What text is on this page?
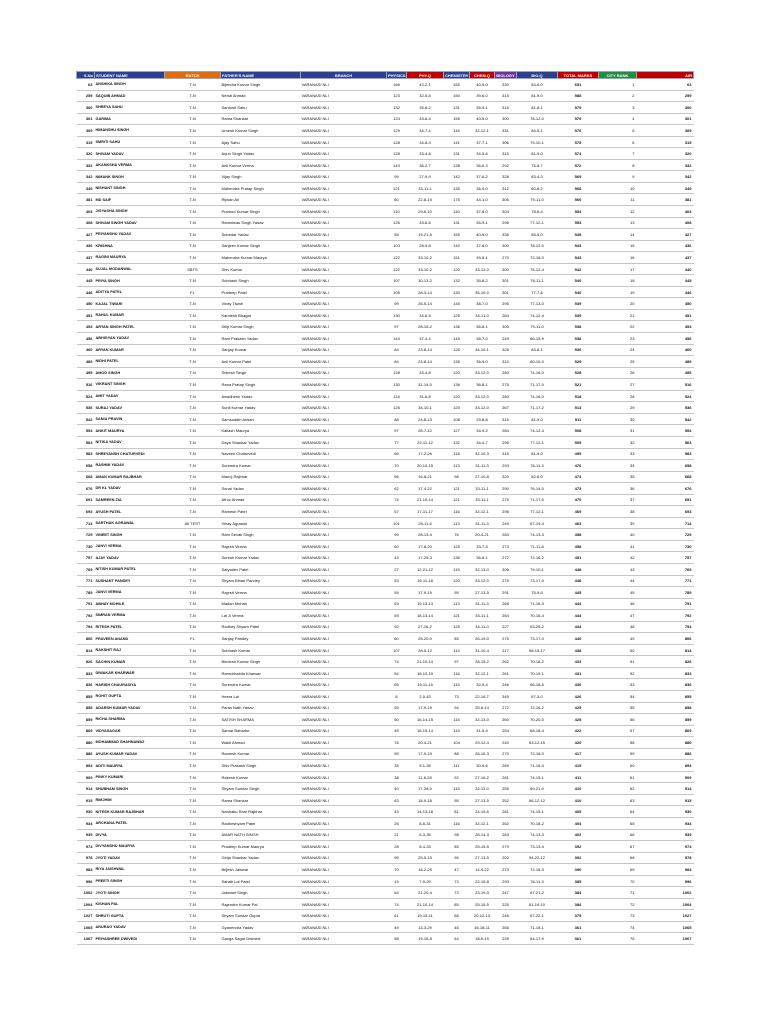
S.No	STUDENT NAME	BATCH	FATHER'S NAME	BRANCH	PHYSICS	PHY.Q	CHEMISTRY	CHEM.Q	BIOLOGY	BIO.Q	TOTAL MARKS	CITY RANK	AIR
63	ANSHIKA SINGH	T-N	Bijendra Kumar Singh	VARANASI NLI	166	42-2-1	155	40-5-0	330	84-6-0	651	1	63
259	SAQUIB AHMAD	T-N	Nehal Ahmad	VARANASI NLI	123	32-5-8	150	39-6-0	315	81-9-0	588	2	259
300	SHREYA SAHU	T-N	Santosh Sahu	VARANASI NLI	132	35-8-2	131	35-9-1	316	81-8-1	579	3	300
301	GARIMA	T-N	Rama Shankar	VARANASI NLI	124	33-8-4	155	40-5-0	300	78-12-0	579	4	301
309	HIMANSHU SINGH	T-N	Umesh Kumar Singh	VARANASI NLI	129	34-7-4	116	32-12-1	331	84-5-1	576	5	309
315	SMRITI SAHU	T-N	Ajay Sahu	VARANASI NLI	128	34-8-3	141	37-7-1	306	79-10-1	575	6	315
320	SHIVAM YADAV	T-N	Arjun Singh Yadav	VARANASI NLI	128	33-4-8	131	34-5-6	315	81-9-0	574	7	320
332	AKANKSHA VERMA	T-N	Anil Kumar Verma	VARANASI NLI	143	36-2-7	138	36-6-3	292	75-8-7	572	8	332
342	NIMANK SINGH	T-N	Vijay Singh	VARANASI NLI	99	27-9-9	142	37-6-2	328	83-4-3	569	9	342
349	NISHANT SINGH	T-N	Mahendra Pratap Singh	VARANASI NLI	121	33-11-1	135	36-9-0	312	80-8-2	568	10	349
381	MD SAIF	T-N	Rijwan Ali	VARANASI NLI	80	22-8-15	175	44-1-0	306	79-11-0	560	11	381
403	JIGYASHA SINGH	T-N	Pramod Kumar Singh	VARANASI NLI	110	29-6-10	140	37-8-0	304	78-8-4	554	12	403
408	SHIVAM SINGH YADAV	T-N	Ramniwas Singh Yadav	VARANASI NLI	126	33-6-6	131	35-9-1	296	77-12-1	553	13	408
427	PRIYANSHU YADAV	T-N	Subedar Yadav	VARANASI NLI	55	19-21-5	155	40-5-0	335	85-5-0	545	14	427
436	KRISHNA	T-N	Sanjeev Kumar Singh	VARANASI NLI	103	28-9-8	140	37-8-0	300	78-12-0	543	15	436
437	RAGINI MAURYA	T-N	Mahendra Kumar Maurya	VARANASI NLI	122	33-10-2	151	39-5-1	270	72-18-0	543	16	437
440	SUJAL MODANWAL	SBTS	Shiv Kumar	VARANASI NLI	122	33-10-2	120	33-12-0	300	76-12-4	542	17	440
445	PRIYA SINGH	T-N	Subhash Singh	VARANASI NLI	107	30-13-2	132	35-8-2	301	78-11-1	540	18	445
446	ADITYA PATEL	FL	Pradeep Patel	VARANASI NLI	109	28-3-14	130	35-10-0	301	77-7-6	540	19	446
450	KAJAL TIWARI	T-N	Vinay Tiwari	VARANASI NLI	99	26-5-14	145	38-7-0	295	77-13-0	539	20	450
451	RAHUL KUMAR	T-N	Kamlesh Bhagat	VARANASI NLI	130	34-6-5	125	34-11-0	284	74-12-4	539	21	451
453	ARYAN SINGH PATEL	T-N	Dilip Kumar Singh	VARANASI NLI	97	28-15-2	136	36-8-1	305	79-11-0	538	22	453
456	ABHIGYAN YADAV	T-N	Ram Prakash Yadav	VARANASI NLI	144	37-4-4	145	38-7-0	249	66-15-9	538	23	456
460	ARYAN KUMAR	T-N	Sanjay Kumar	VARANASI NLI	84	23-8-14	126	34-10-1	326	83-6-1	536	24	460
489	NIDHI PATEL	T-N	Anil Kumar Patel	VARANASI NLI	84	23-8-14	135	36-9-0	310	80-10-0	529	25	489
495	AMOD SINGH	T-N	Srikesh Singh	VARANASI NLI	128	33-4-8	120	33-12-0	280	74-16-0	528	26	495
516	VIKRANT SINGH	T-N	Rana Pratap Singh	VARANASI NLI	130	31-14-0	136	36-8-1	275	71-17-0	521	27	516
524	AMIT YADAV	T-N	Awadhesh Yadav	VARANASI NLI	118	31-6-8	120	33-12-0	280	74-16-0	518	28	524
536	SURAJ YADAV	T-N	Sunil Kumar Yadav	VARANASI NLI	126	34-10-1	120	33-12-0	267	71-17-2	513	29	536
542	SANIA PRAVIN	T-N	Samsuddin Ansari	VARANASI NLI	88	24-8-13	108	29-8-8	315	81-9-0	511	30	542
554	ANKIT MAURYA	T-N	Kailash Maurya	VARANASI NLI	97	26-7-12	127	34-9-2	284	74-12-4	508	31	554
563	NITIKA YADAV	T-N	Daya Shankar Yadav	VARANASI NLI	77	22-11-12	132	34-4-7	296	77-12-1	505	32	563
583	SHREYANSH CHATURVEDI	T-N	Naveen Chaturvedi	VARANASI NLI	66	17-2-26	118	32-10-3	315	81-9-0	499	33	583
658	RASHMI YADAV	T-N	Surendra Kumar	VARANASI NLI	70	20-10-15	113	31-11-3	293	76-11-3	476	34	658
668	AMAN KUMAR RAJBHAR	T-N	Manoj Rajbhar	VARANASI NLI	56	16-8-21	98	27-10-8	320	82-8-0	474	35	668
676	DR KL YADAV	T-N	Sonai Yadav	VARANASI NLI	62	17-4-22	121	33-11-1	290	76-14-0	473	36	676
691	SAMREEN ZIA	T-N	Afroz Ahmad	VARANASI NLI	74	21-10-14	121	33-11-1	275	71-17-0	470	37	691
693	AYUSH PATEL	T-N	Ramesh Patel	VARANASI NLI	57	17-11-17	116	32-12-1	296	77-12-1	469	38	693
714	SARTHAK AGRAWAL	All TEST	Vinay Agrawal	VARANASI NLI	101	28-11-6	113	31-11-3	249	67-19-4	463	39	714
729	VINEET SINGH	T-N	Ram Sevak Singh	VARANASI NLI	99	28-13-4	76	20-4-21	283	74-13-3	458	40	729
730	JANVI VERMA	T-N	Rajesh Verma	VARANASI NLI	60	17-8-20	125	33-7-5	273	71-11-8	458	41	730
757	AJAY YADAV	T-N	Suresh Kumar Yadav	VARANASI NLI	43	17-25-3	136	36-8-1	272	72-16-2	451	42	757
769	NITISH KUMAR PATEL	T-N	Satyadev Patel	VARANASI NLI	27	12-21-12	115	32-13-0	306	79-10-1	448	43	769
771	SUSHANT PANDEY	T-N	Shyam Bihari Pandey	VARANASI NLI	53	16-11-18	120	33-12-0	275	73-17-0	448	44	771
789	JANVI VERMA	T-N	Rajesh Verma	VARANASI NLI	59	17-9-19	95	27-13-5	291	75-9-6	445	45	789
791	ABHAY MOHILE	T-N	Madan Mohan	VARANASI NLI	63	19-13-13	113	31-11-3	268	71-16-3	444	46	791
792	SIMRAN VERMA	T-N	Lal Ji Verma	VARANASI NLI	59	18-13-14	121	33-11-1	264	70-16-4	444	47	792
794	RITESH PATEL	T-N	Radhey Shyam Patel	VARANASI NLI	92	27-16-2	125	34-11-0	227	63-25-2	444	48	794
806	PRAVEEN ANAND	FL	Sanjay Pandey	VARANASI NLI	80	25-20-0	85	26-19-0	275	73-17-0	440	49	806
814	RAKSHIT RAJ	T-N	Subhash Kumar	VARANASI NLI	107	28-5-12	114	31-10-4	217	58-15-17	438	50	814
826	SACHIN KUMAR	T-N	Bindesh Kumar Singh	VARANASI NLI	74	21-10-14	97	28-15-2	262	70-18-2	433	51	826
833	DIWAKAR KHARWAR	T-N	Ramchhabila Kharwar	VARANASI NLI	54	16-10-19	116	32-12-1	261	70-19-1	431	52	833
836	HARISH CHAURASIYA	T-N	Surendra Kumar	VARANASI NLI	65	19-11-15	119	32-9-4	246	66-18-6	430	53	836
855	ROHIT GUPTA	T-N	Heera Lal	VARANASI NLI	8	2-0-43	73	22-16-7	345	87-3-0	426	54	855
858	ADARSH KUMAR YADAV	T-N	Paras Nath Yadav	VARANASI NLI	59	17-9-19	94	25-6-14	272	72-16-2	425	55	858
859	RICHA SHARMA	T-N	SATISH SHARMA	VARANASI NLI	50	16-14-15	115	32-13-0	260	70-20-0	425	56	859
869	VIDYASAGAR	T-N	Samar Bahadur	VARANASI NLI	49	16-15-14	119	31-5-9	254	68-18-4	422	57	869
880	MOHAMMAD SHAHNAWAZ	T-N	Wakil Ahmad	VARANASI NLI	76	20-4-21	104	29-12-4	240	63-12-15	420	58	880
886	AYUSH KUMAR YADAV	T-N	Ramesh Kumar	VARANASI NLI	59	17-9-19	88	26-16-3	270	72-18-0	417	59	886
894	ADITI MAURYA	T-N	Shiv Prakash Singh	VARANASI NLI	35	9-1-35	111	30-9-6	269	71-15-4	415	60	894
909	PINKY KUMARI	T-N	Rakesh Kumar	VARANASI NLI	38	11-6-28	92	27-16-2	281	74-15-1	411	61	909
914	SHUBHAM SINGH	T-N	Shyam Sundar Singh	VARANASI NLI	40	17-28-0	115	32-13-0	255	69-21-0	410	62	914
915	RIMJHIM	T-N	Rama Shankar	VARANASI NLI	63	18-9-18	95	27-13-5	252	66-12-12	410	63	915
930	NITESH KUMAR RAJBHAR	T-N	Nanhaku Ram Rajbhar	VARANASI NLI	43	14-13-18	81	24-15-6	281	74-15-1	405	64	930
934	ARCHANA PATEL	T-N	Radheshyam Patel	VARANASI NLI	26	8-6-31	116	32-12-1	262	70-18-2	404	65	934
939	DIVYA	T-N	AMAR NATH SINGH	VARANASI NLI	21	6-3-36	98	28-14-3	283	74-13-3	402	66	939
974	DIVYANSHU MAURYA	T-N	Pradeep Kumar Maurya	VARANASI NLI	28	8-4-33	85	25-15-5	279	73-13-4	392	67	974
978	JYOTI YADAV	T-N	Girija Shankar Yadav	VARANASI NLI	95	25-5-15	95	27-13-5	202	54-22-12	392	68	978
984	RIYA JAISHWAL	T-N	Brijesh Jaiswal	VARANASI NLI	70	18-2-25	47	14-9-22	273	72-15-3	390	69	984
996	PREETI SINGH	T-N	Sahab Lal Patel	VARANASI NLI	19	7-9-29	73	22-15-8	293	76-11-3	385	70	996
1002	JYOTI SINGH	T-N	Jaswant Singh	VARANASI NLI	64	21-20-4	73	23-19-3	247	67-21-2	384	71	1002
1004	KISHAN PAL	T-N	Rajendra Kumar Pal	VARANASI NLI	74	21-10-14	85	25-15-5	225	61-19-10	384	72	1004
1027	SHRUTI GUPTA	T-N	Shyam Sundar Gupta	VARANASI NLI	61	19-15-11	68	20-12-13	246	67-22-1	375	73	1027
1065	ANURAG YADAV	T-N	Gyanendra Yadav	VARANASI NLI	49	13-3-29	46	16-18-11	266	71-18-1	361	74	1065
1067	PRIYASHREE DWIVEDI	T-N	Ganga Sagar Dwivedi	VARANASI NLI	58	19-18-8	64	18-6-19	239	64-17-9	361	75	1067
